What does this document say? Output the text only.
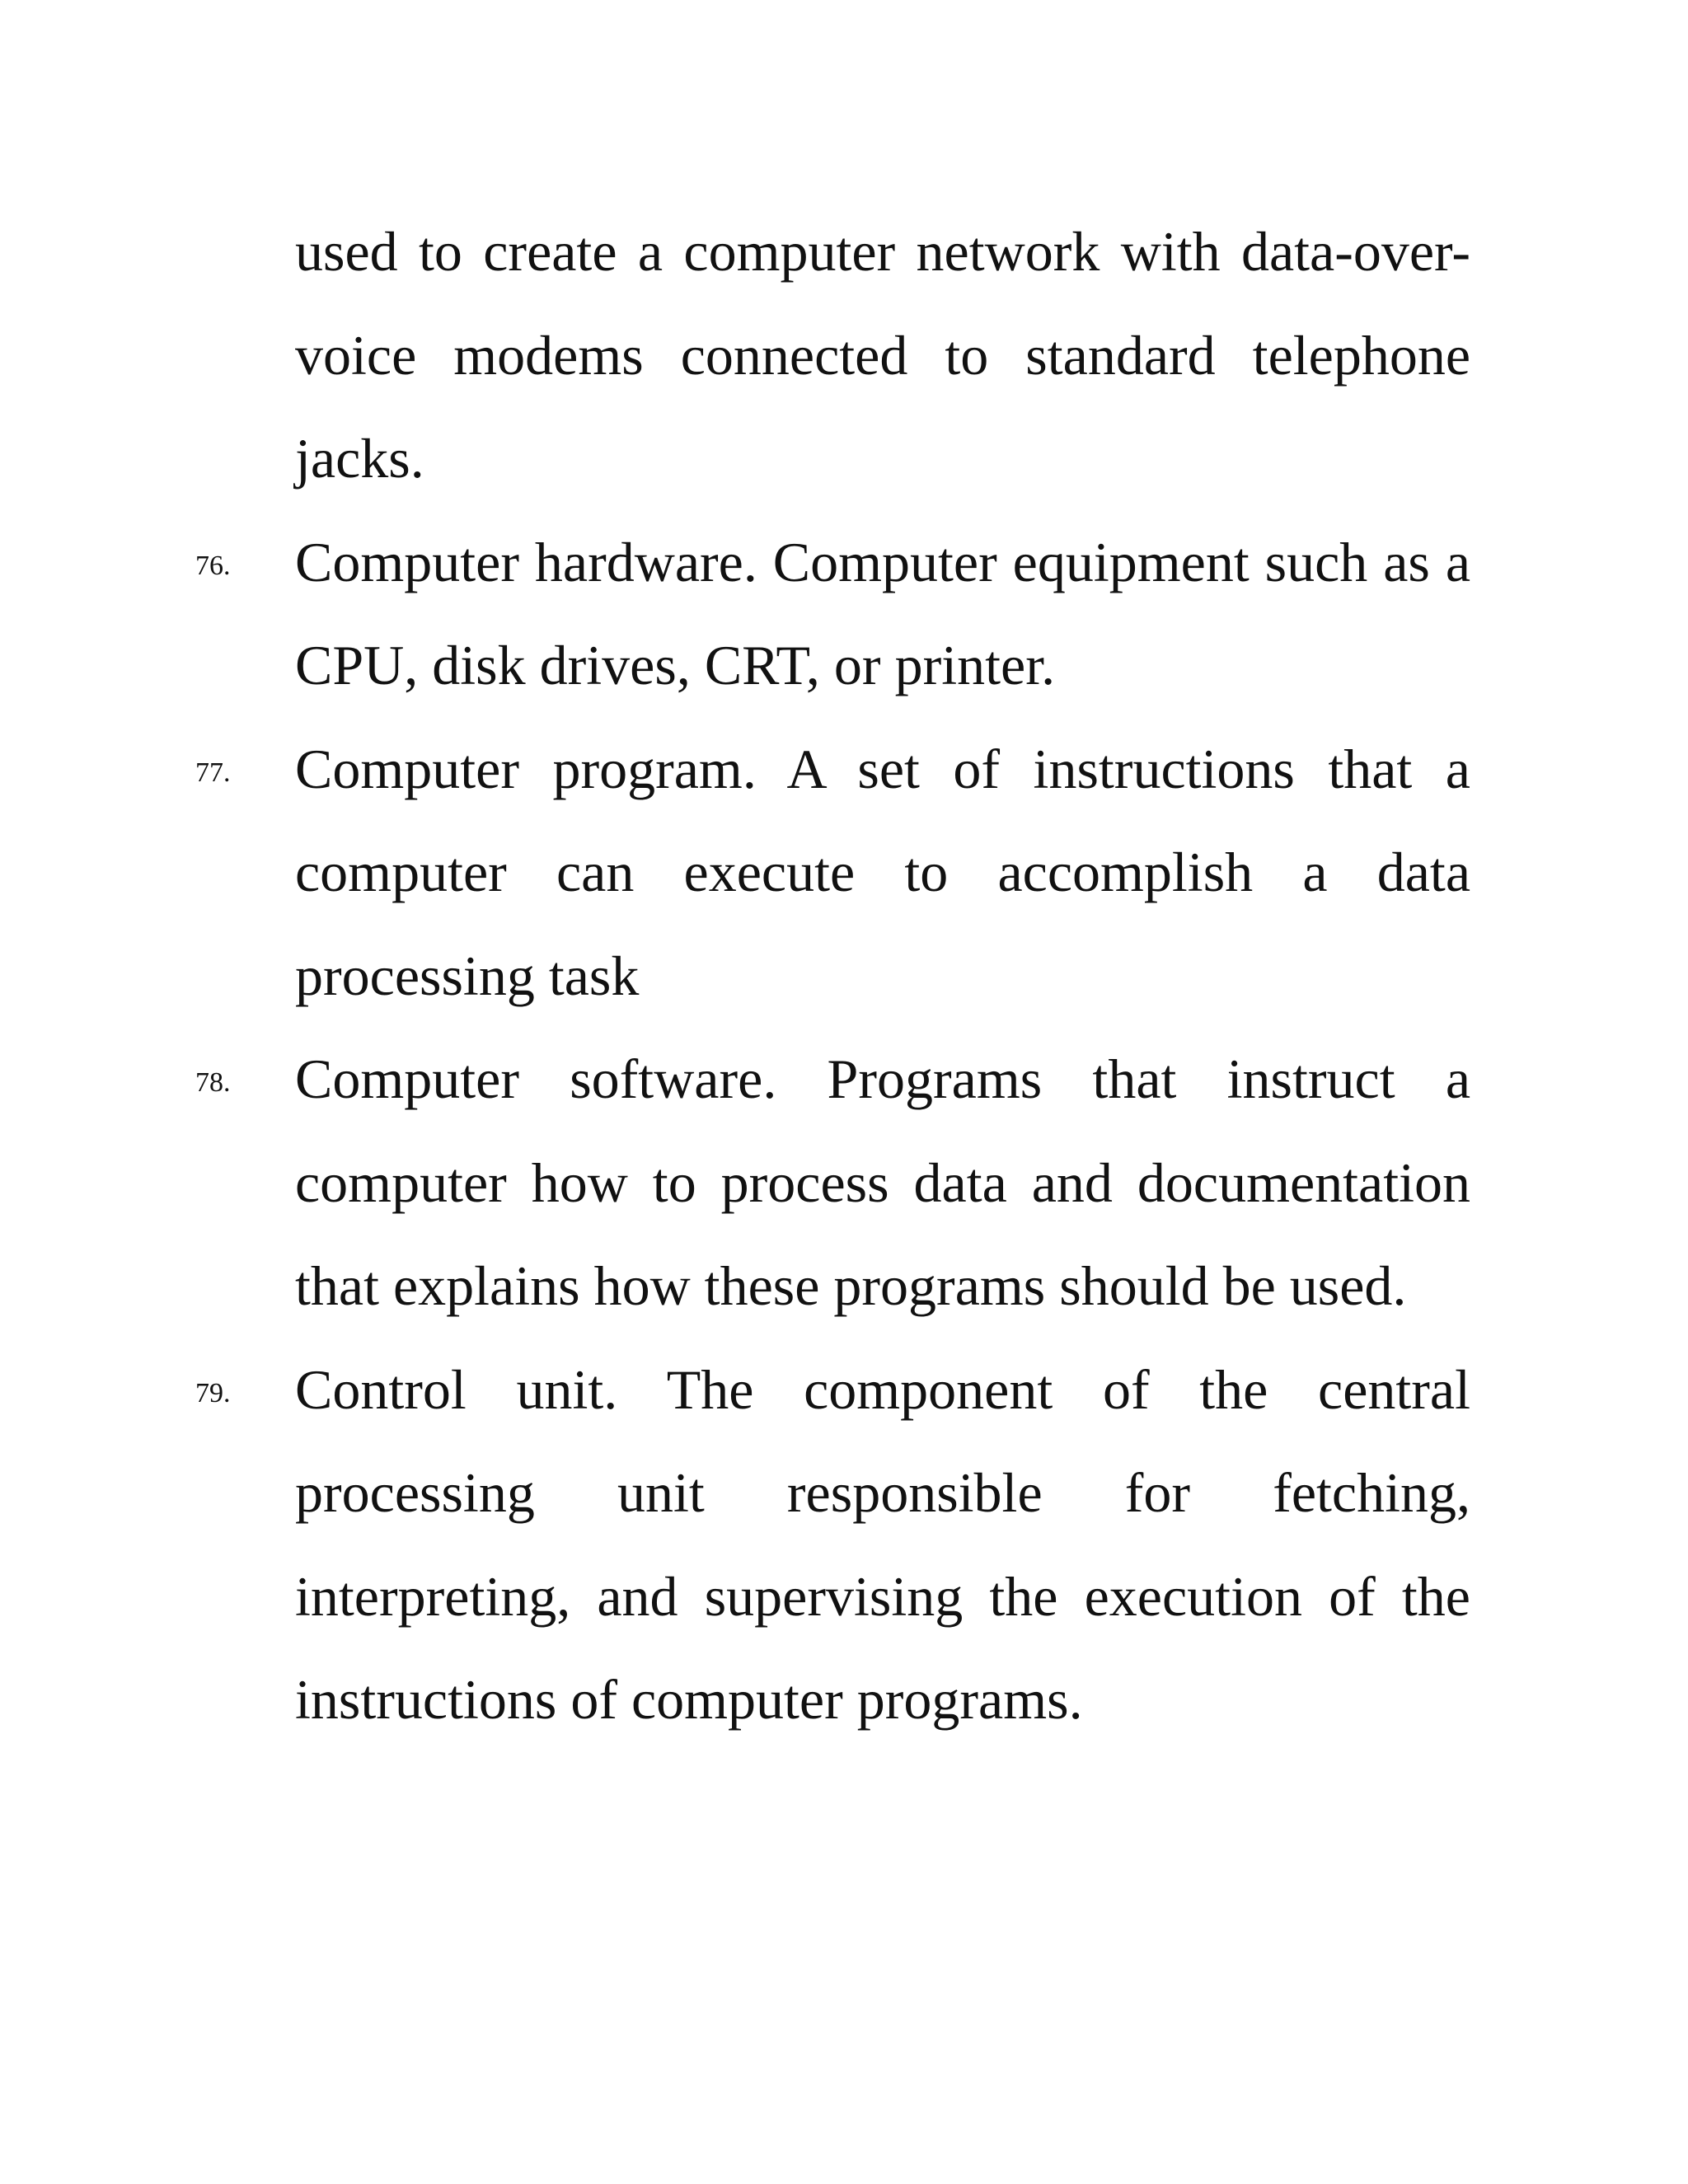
used to create a computer network with data-over-voice modems connected to standard telephone jacks.

76. Computer hardware. Computer equipment such as a CPU, disk drives, CRT, or printer.

77. Computer program. A set of instructions that a computer can execute to accomplish a data processing task

78. Computer software. Programs that instruct a computer how to process data and documentation that explains how these programs should be used.

79. Control unit. The component of the central processing unit responsible for fetching, interpreting, and supervising the execution of the instructions of computer programs.
